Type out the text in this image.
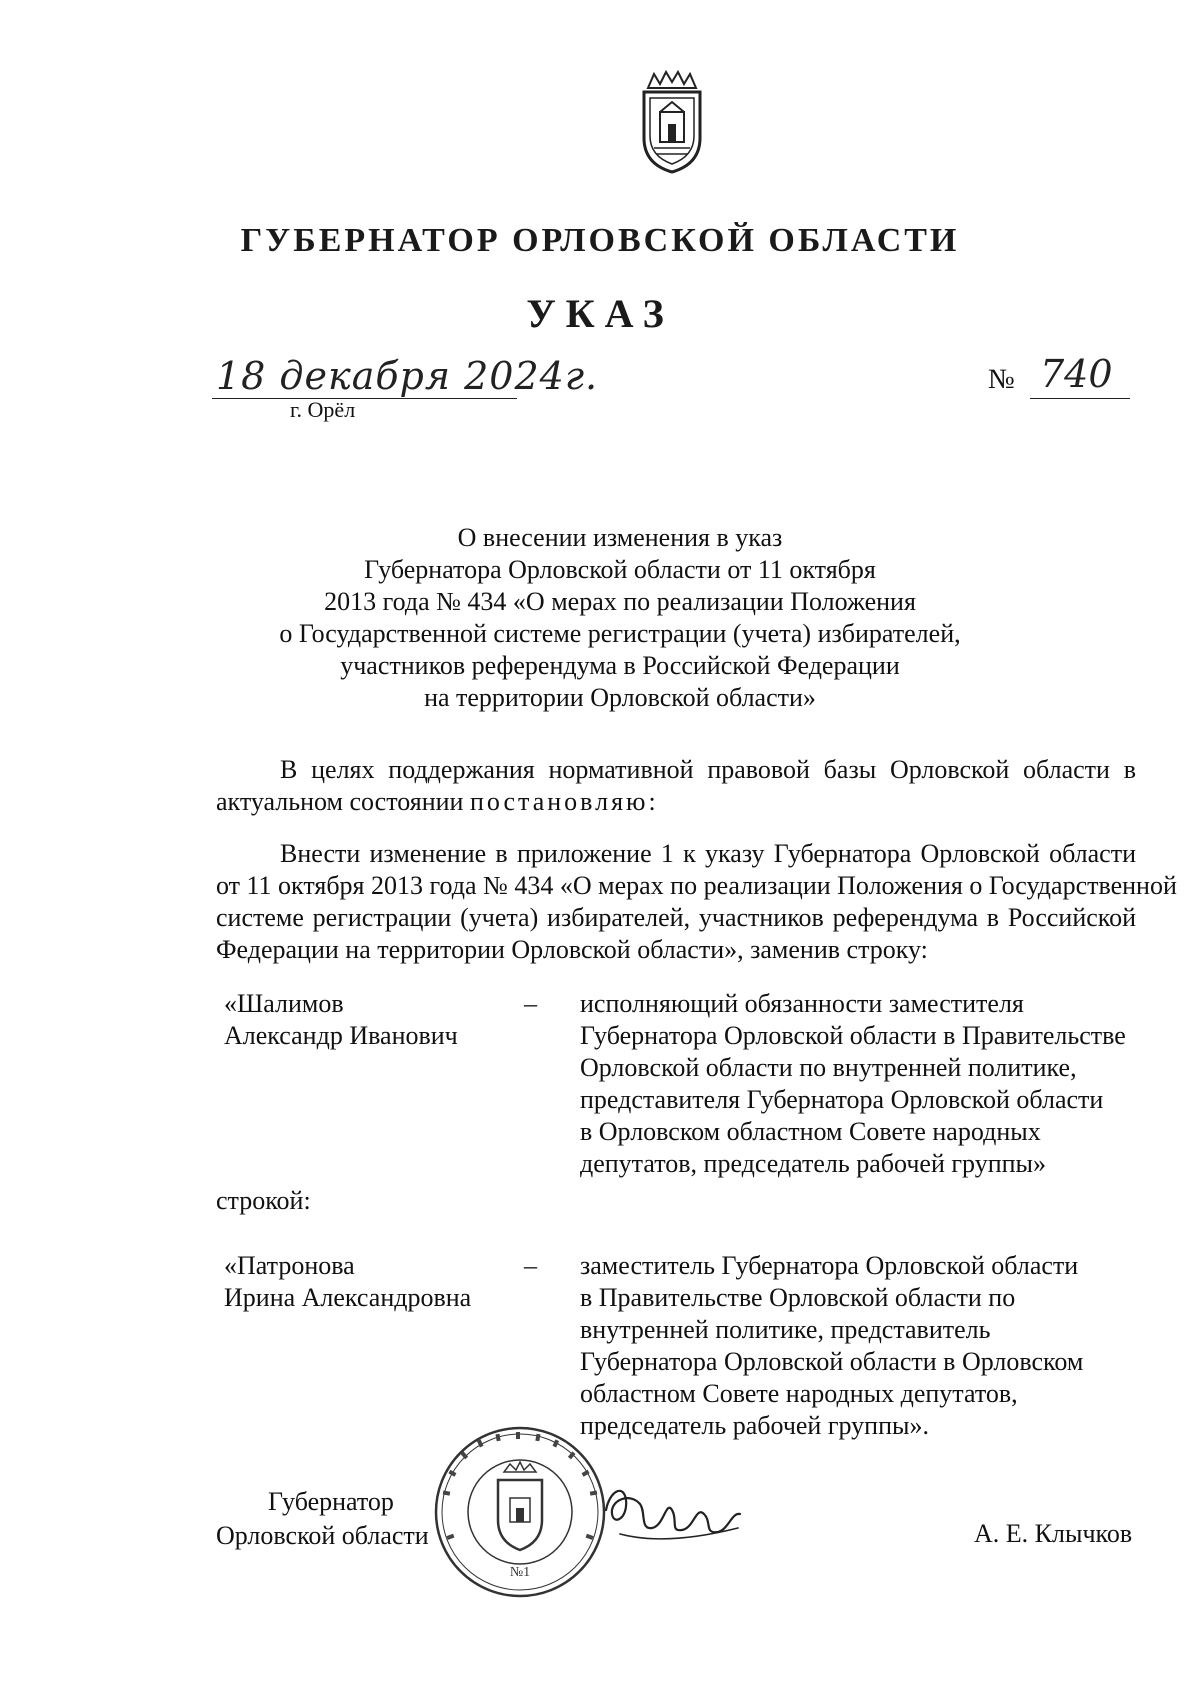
ГУБЕРНАТОР ОРЛОВСКОЙ ОБЛАСТИ
УКАЗ
18 декабря 2024г.
г. Орёл
№ 740
О внесении изменения в указ
Губернатора Орловской области от 11 октября
2013 года № 434 «О мерах по реализации Положения
о Государственной системе регистрации (учета) избирателей,
участников референдума в Российской Федерации
на территории Орловской области»
В целях поддержания нормативной правовой базы Орловской области в
актуальном состоянии постановляю:
Внести изменение в приложение 1 к указу Губернатора Орловской области
от 11 октября 2013 года № 434 «О мерах по реализации Положения о Государственной
системе регистрации (учета) избирателей, участников референдума в Российской
Федерации на территории Орловской области», заменив строку:
«Шалимов
Александр Иванович
– исполняющий обязанности заместителя
Губернатора Орловской области в Правительстве
Орловской области по внутренней политике,
представителя Губернатора Орловской области
в Орловском областном Совете народных
депутатов, председатель рабочей группы»
строкой:
«Патронова
Ирина Александровна
– заместитель Губернатора Орловской области
в Правительстве Орловской области по
внутренней политике, представитель
Губернатора Орловской области в Орловском
областном Совете народных депутатов,
председатель рабочей группы».
Губернатор
Орловской области
№1
А. Е. Клычков
